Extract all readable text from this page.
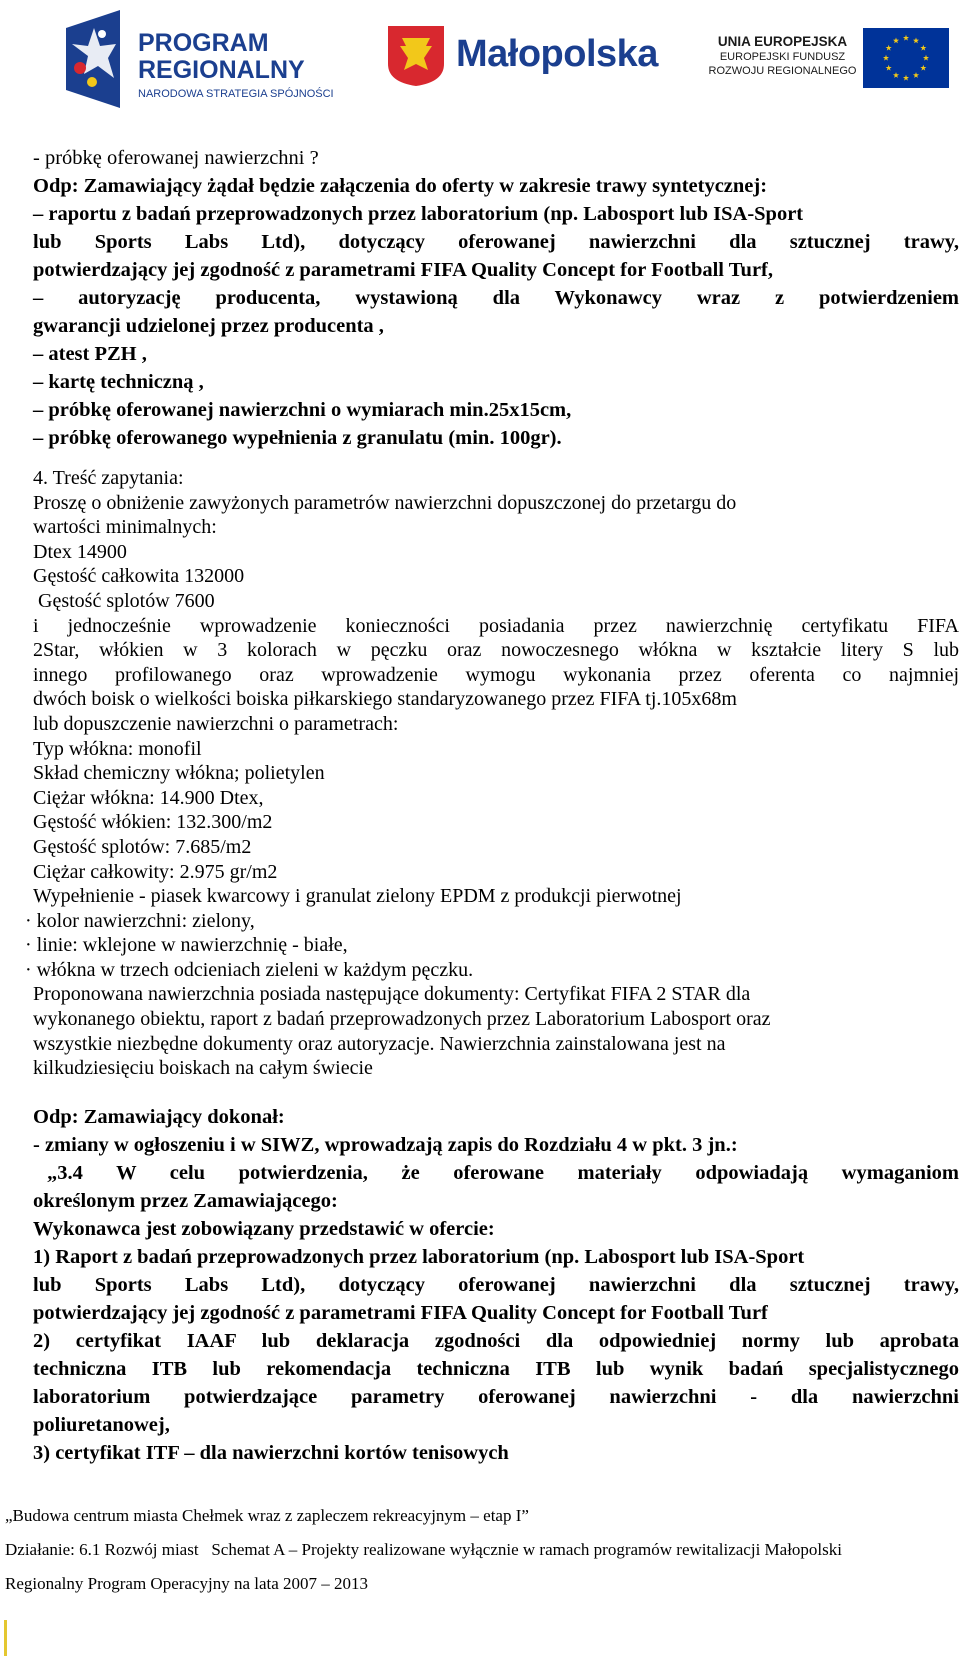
PROGRAM
REGIONALNY
NARODOWA STRATEGIA SPÓJNOŚCI
Małopolska	UNIA EUROPEJSKA
EUROPEJSKI FUNDUSZ
ROZWOJU REGIONALNEGO
- próbkę oferowanej nawierzchni ?
Odp: Zamawiający żądał będzie załączenia do oferty w zakresie trawy syntetycznej:
– raportu z badań przeprowadzonych przez laboratorium (np. Labosport lub ISA-Sport
lub Sports Labs Ltd), dotyczący oferowanej nawierzchni dla sztucznej trawy,
potwierdzający jej zgodność z parametrami FIFA Quality Concept for Football Turf,
– autoryzację producenta, wystawioną dla Wykonawcy wraz z potwierdzeniem
gwarancji udzielonej przez producenta ,
– atest PZH ,
– kartę techniczną ,
– próbkę oferowanej nawierzchni o wymiarach min.25x15cm,
– próbkę oferowanego wypełnienia z granulatu (min. 100gr).
4. Treść zapytania:
Proszę o obniżenie zawyżonych parametrów nawierzchni dopuszczonej do przetargu do
wartości minimalnych:
Dtex 14900
Gęstość całkowita 132000
Gęstość splotów 7600
i jednocześnie wprowadzenie konieczności posiadania przez nawierzchnię certyfikatu FIFA
2Star, włókien w 3 kolorach w pęczku oraz nowoczesnego włókna w kształcie litery S lub
innego profilowanego oraz wprowadzenie wymogu wykonania przez oferenta co najmniej
dwóch boisk o wielkości boiska piłkarskiego standaryzowanego przez FIFA tj.105x68m
lub dopuszczenie nawierzchni o parametrach:
Typ włókna: monofil
Skład chemiczny włókna; polietylen
Ciężar włókna: 14.900 Dtex,
Gęstość włókien: 132.300/m2
Gęstość splotów: 7.685/m2
Ciężar całkowity: 2.975 gr/m2
Wypełnienie - piasek kwarcowy i granulat zielony EPDM z produkcji pierwotnej
· kolor nawierzchni: zielony,
· linie: wklejone w nawierzchnię - białe,
· włókna w trzech odcieniach zieleni w każdym pęczku.
Proponowana nawierzchnia posiada następujące dokumenty: Certyfikat FIFA 2 STAR dla
wykonanego obiektu, raport z badań przeprowadzonych przez Laboratorium Labosport oraz
wszystkie niezbędne dokumenty oraz autoryzacje. Nawierzchnia zainstalowana jest na
kilkudziesięciu boiskach na całym świecie
Odp: Zamawiający dokonał:
- zmiany w ogłoszeniu i w SIWZ, wprowadzają zapis do Rozdziału 4 w pkt. 3 jn.:
„3.4 W celu potwierdzenia, że oferowane materiały odpowiadają wymaganiom
określonym przez Zamawiającego:
Wykonawca jest zobowiązany przedstawić w ofercie:
1) Raport z badań przeprowadzonych przez laboratorium (np. Labosport lub ISA-Sport
lub Sports Labs Ltd), dotyczący oferowanej nawierzchni dla sztucznej trawy,
potwierdzający jej zgodność z parametrami FIFA Quality Concept for Football Turf
2) certyfikat IAAF lub deklaracja zgodności dla odpowiedniej normy lub aprobata
techniczna ITB lub rekomendacja techniczna ITB lub wynik badań specjalistycznego
laboratorium potwierdzające parametry oferowanej nawierzchni - dla nawierzchni
poliuretanowej,
3) certyfikat ITF – dla nawierzchni kortów tenisowych
„Budowa centrum miasta Chełmek wraz z zapleczem rekreacyjnym – etap I”
Działanie: 6.1 Rozwój miast   Schemat A – Projekty realizowane wyłącznie w ramach programów rewitalizacji Małopolski
Regionalny Program Operacyjny na lata 2007 – 2013
